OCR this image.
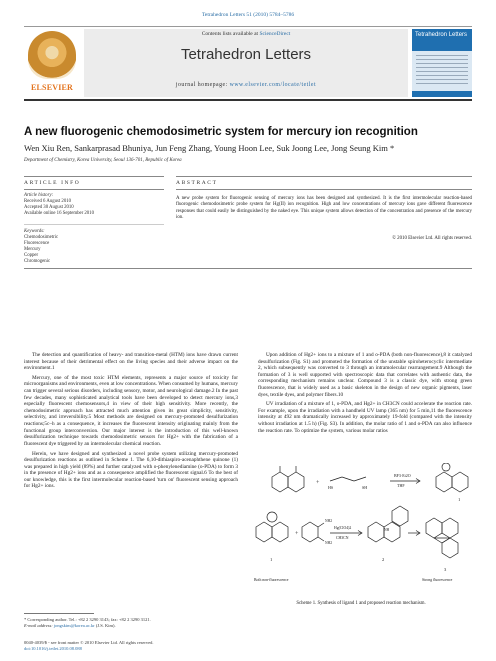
Tetrahedron Letters 51 (2010) 5784–5786
ELSEVIER
Contents lists available at ScienceDirect
Tetrahedron Letters
journal homepage: www.elsevier.com/locate/tetlet
Tetrahedron Letters
A new fluorogenic chemodosimetric system for mercury ion recognition
Wen Xiu Ren, Sankarprasad Bhuniya, Jun Feng Zhang, Young Hoon Lee, Suk Joong Lee, Jong Seung Kim *
Department of Chemistry, Korea University, Seoul 136-701, Republic of Korea
ARTICLE INFO
Article history:
Received 6 August 2010
Accepted 30 August 2010
Available online 16 September 2010
Keywords:
Chemodosimetric
Fluorescence
Mercury
Copper
Chromogenic
ABSTRACT
A new probe system for fluorogenic sensing of mercury ions has been designed and synthesized. It is the first intermolecular reaction-based fluorogenic chemodosimetric probe system for Hg(II) ion recognition. High and low concentrations of mercury ions gave different fluorescence responses that could easily be distinguished by the naked eye. This unique system allows detection of the concentration and presence of the mercury ion.
© 2010 Elsevier Ltd. All rights reserved.

The detection and quantification of heavy- and transition-metal (HTM) ions have drawn current interest because of their detrimental effect on the living species and their adverse impact on the environment.1

Mercury, one of the most toxic HTM elements, represents a major source of toxicity for microorganisms and environments, even at low concentrations. When consumed by humans, mercury can trigger several serious disorders, including sensory, motor, and neurological damage.2 In the past few decades, many sophisticated analytical tools have been developed to detect mercury ions,3 especially fluorescent chemosensors,4 in view of their high sensitivity. More recently, the chemodosimetric approach has attracted much attention given its great simplicity, sensitivity, selectivity, and irreversibility.5 Most methods are designed on mercury-promoted desulfurization reactions;5c–h as a consequence, it increases the fluorescent intensity originating mainly from the functional group interconversion. Our major interest is the introduction of this well-known desulfurization technique towards chemodosimetric sensors for Hg2+ with the fabrication of a fluorescent dye triggered by an intermolecular chemical reaction.

Herein, we have designed and synthesized a novel probe system utilizing mercury-promoted desulfurization reactions as outlined in Scheme 1. The 6,10-dithiaspiro-acenaphthene quinone (1) was prepared in high yield (89%) and further catalyzed with o-phenylenediamine (o-PDA) to form 3 in the presence of Hg2+ ions and as a consequence amplified the fluorescent signal.6 To the best of our knowledge, this is the first intermolecular reaction-based 'turn on' fluorescent sensing approach for Hg2+ ions.

Upon addition of Hg2+ ions to a mixture of 1 and o-PDA (both non-fluorescence),8 it catalyzed desulfurization (Fig. S1) and promoted the formation of the unstable spiroheterocyclic intermediate 2, which subsequently was converted to 3 through an intramolecular rearrangement.9 Although the formation of 3 is well supported with spectroscopic data that correlates with authentic data, the corresponding mechanism remains unclear. Compound 3 is a classic dye, with strong green fluorescence, that is widely used as a basic skeleton in the design of new organic pigments, laser dyes, textile dyes, and polymer fibers.10

UV irradiation of a mixture of 1, o-PDA, and Hg2+ in CH3CN could accelerate the reaction rate. For example, upon the irradiation with a handheld UV lamp (365 nm) for 5 min,11 the fluorescence intensity at 492 nm dramatically increased by approximately 19-fold (compared with the intensity without irradiation at 1.5 h) (Fig. S3). In addition, the molar ratio of 1 and o-PDA can also influence the reaction rate. To optimize the system, various molar ratios

+
HS	SH
BF3·Et2O
THF
1
+
NH2
NH2
Hg(ClO4)2
CH3CN
NH
1	2
3
Both non-fluorescence	Strong fluorescence
Scheme 1. Synthesis of ligand 1 and proposed reaction mechanism.
* Corresponding author. Tel.: +82 2 3290 3143; fax: +82 2 3290 3121.
E-mail address: jongskim@korea.ac.kr (J.S. Kim).
0040-4039/$ - see front matter © 2010 Elsevier Ltd. All rights reserved.
doi:10.1016/j.tetlet.2010.08.088
